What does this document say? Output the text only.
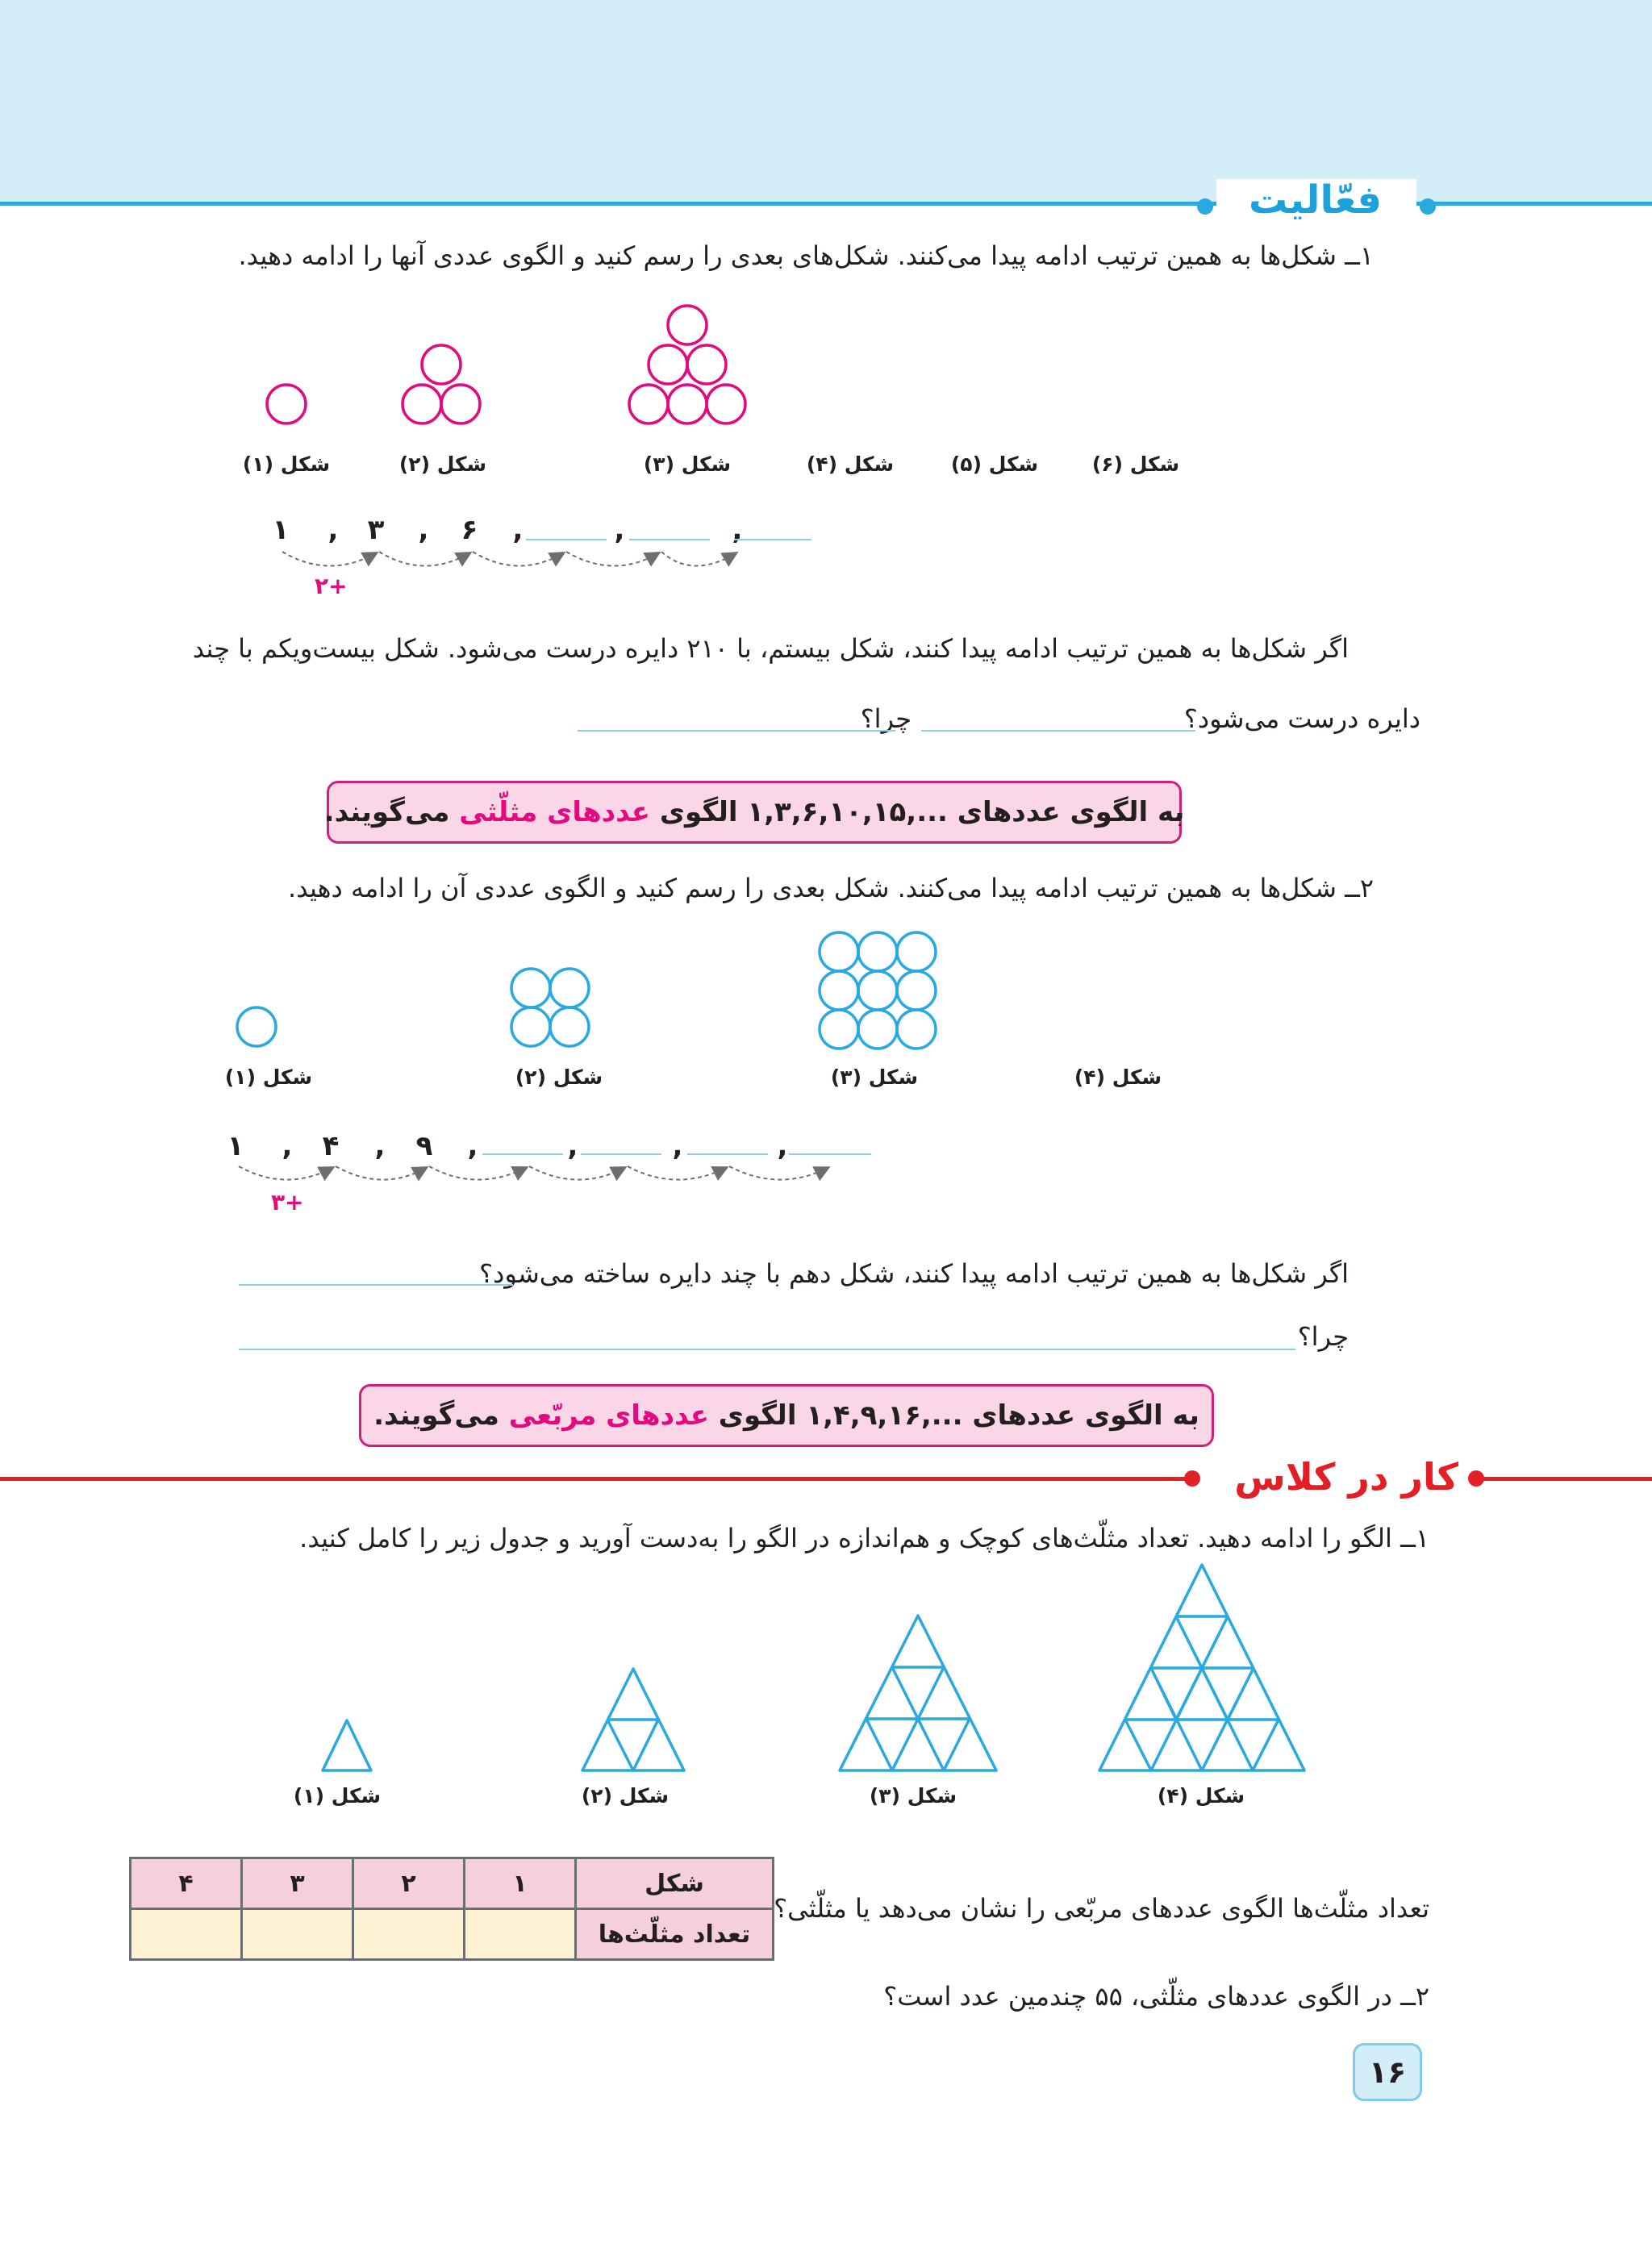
فعّالیت
۱ــ شکل‌ها به همین ترتیب ادامه پیدا می‌کنند. شکل‌های بعدی را رسم کنید و الگوی عددی آنها را ادامه دهید.
شکل (۱)	شکل (۲)	شکل (۳)	شکل (۴)	شکل (۵)	شکل (۶)
۱ , ۳ , ۶ ,	,	,
+۲
اگر شکل‌ها به همین ترتیب ادامه پیدا کنند، شکل بیستم، با ۲۱۰ دایره درست می‌شود. شکل بیست‌ویکم با چند
دایره درست می‌شود؟
چرا؟
به الگوی عددهای ...,۱,۳,۶,۱۰,۱۵ الگوی

عددهای مثلّثی

می‌گویند.
۲ــ شکل‌ها به همین ترتیب ادامه پیدا می‌کنند. شکل بعدی را رسم کنید و الگوی عددی آن را ادامه دهید.
شکل (۱)	شکل (۲)	شکل (۳)	شکل (۴)
۱ , ۴ , ۹ ,	,	,	,
+۳
اگر شکل‌ها به همین ترتیب ادامه پیدا کنند، شکل دهم با چند دایره ساخته می‌شود؟
چرا؟
به الگوی عددهای ...,۱,۴,۹,۱۶ الگوی

عددهای مربّعی

می‌گویند.
کار در کلاس
۱ــ الگو را ادامه دهید. تعداد مثلّث‌های کوچک و هم‌اندازه در الگو را به‌دست آورید و جدول زیر را کامل کنید.
شکل (۱)	شکل (۲)	شکل (۳)	شکل (۴)
شکل	۱	۲	۳	۴
تعداد مثلّث‌ها				
تعداد مثلّث‌ها الگوی عددهای مربّعی را نشان می‌دهد یا مثلّثی؟
۲ــ در الگوی عددهای مثلّثی، ۵۵ چندمین عدد است؟
۱۶
